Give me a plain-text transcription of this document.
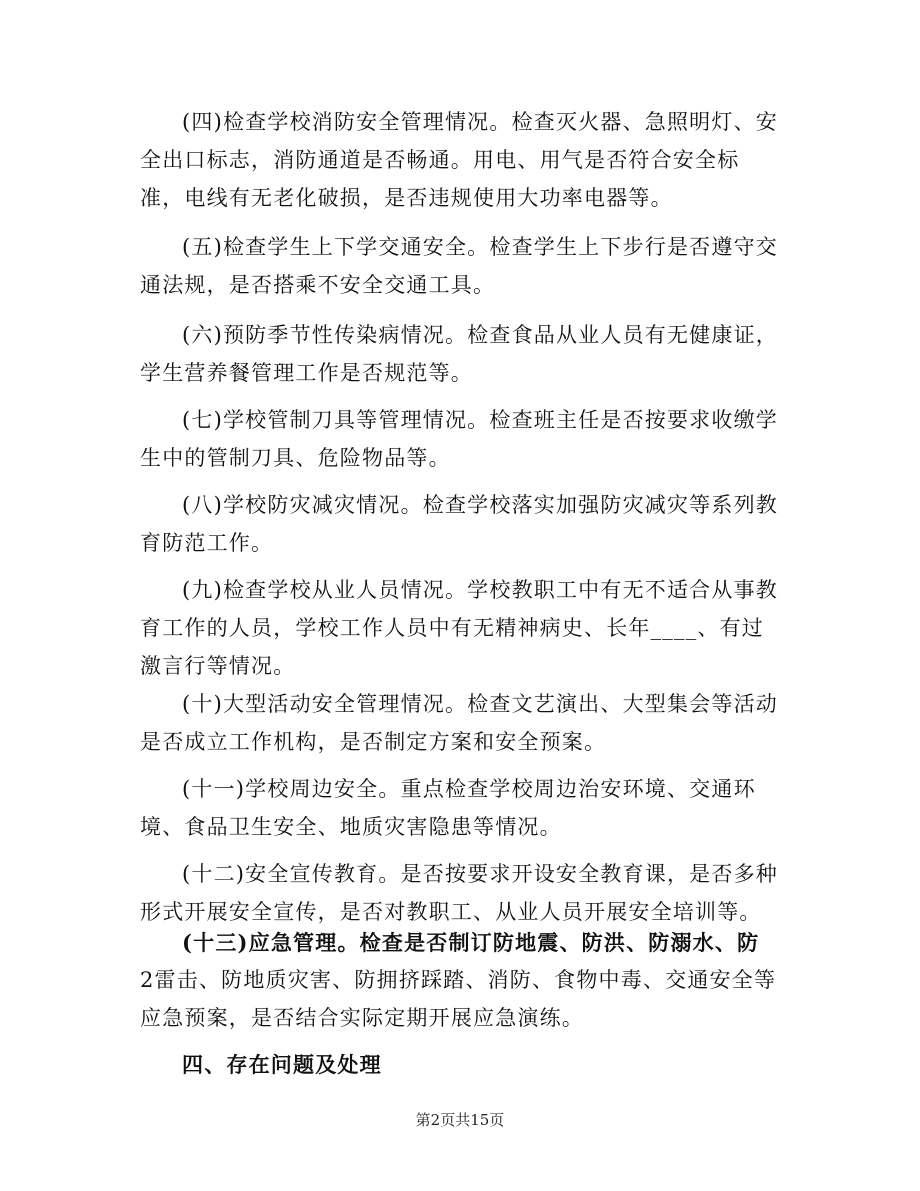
(四)检查学校消防安全管理情况。检查灭火器、急照明灯、安全出口标志，消防通道是否畅通。用电、用气是否符合安全标准，电线有无老化破损，是否违规使用大功率电器等。

(五)检查学生上下学交通安全。检查学生上下步行是否遵守交通法规，是否搭乘不安全交通工具。

(六)预防季节性传染病情况。检查食品从业人员有无健康证，学生营养餐管理工作是否规范等。

(七)学校管制刀具等管理情况。检查班主任是否按要求收缴学生中的管制刀具、危险物品等。

(八)学校防灾减灾情况。检查学校落实加强防灾减灾等系列教育防范工作。

(九)检查学校从业人员情况。学校教职工中有无不适合从事教育工作的人员，学校工作人员中有无精神病史、长年____、有过激言行等情况。

(十)大型活动安全管理情况。检查文艺演出、大型集会等活动是否成立工作机构，是否制定方案和安全预案。

(十一)学校周边安全。重点检查学校周边治安环境、交通环境、食品卫生安全、地质灾害隐患等情况。

(十二)安全宣传教育。是否按要求开设安全教育课，是否多种形式开展安全宣传，是否对教职工、从业人员开展安全培训等。

(十三)应急管理。检查是否制订防地震、防洪、防溺水、防

2雷击、防地质灾害、防拥挤踩踏、消防、食物中毒、交通安全等应急预案，是否结合实际定期开展应急演练。

四、存在问题及处理

第2页共15页
